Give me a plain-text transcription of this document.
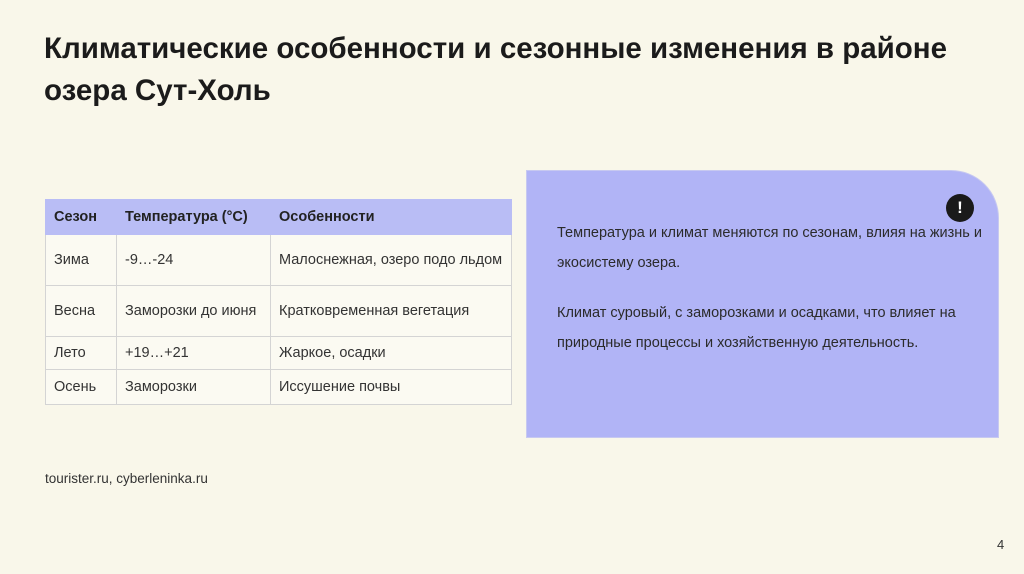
Климатические особенности и сезонные изменения в районе озера Сут-Холь
Сезон	Температура (°C)	Особенности
Зима	-9…-24	Малоснежная, озеро подо льдом
Весна	Заморозки до июня	Кратковременная вегетация
Лето	+19…+21	Жаркое, осадки
Осень	Заморозки	Иссушение почвы
tourister.ru, cyberleninka.ru
!

Температура и климат меняются по сезонам, влияя на жизнь и экосистему озера.

Климат суровый, с заморозками и осадками, что влияет на природные процессы и хозяйственную деятельность.

4
